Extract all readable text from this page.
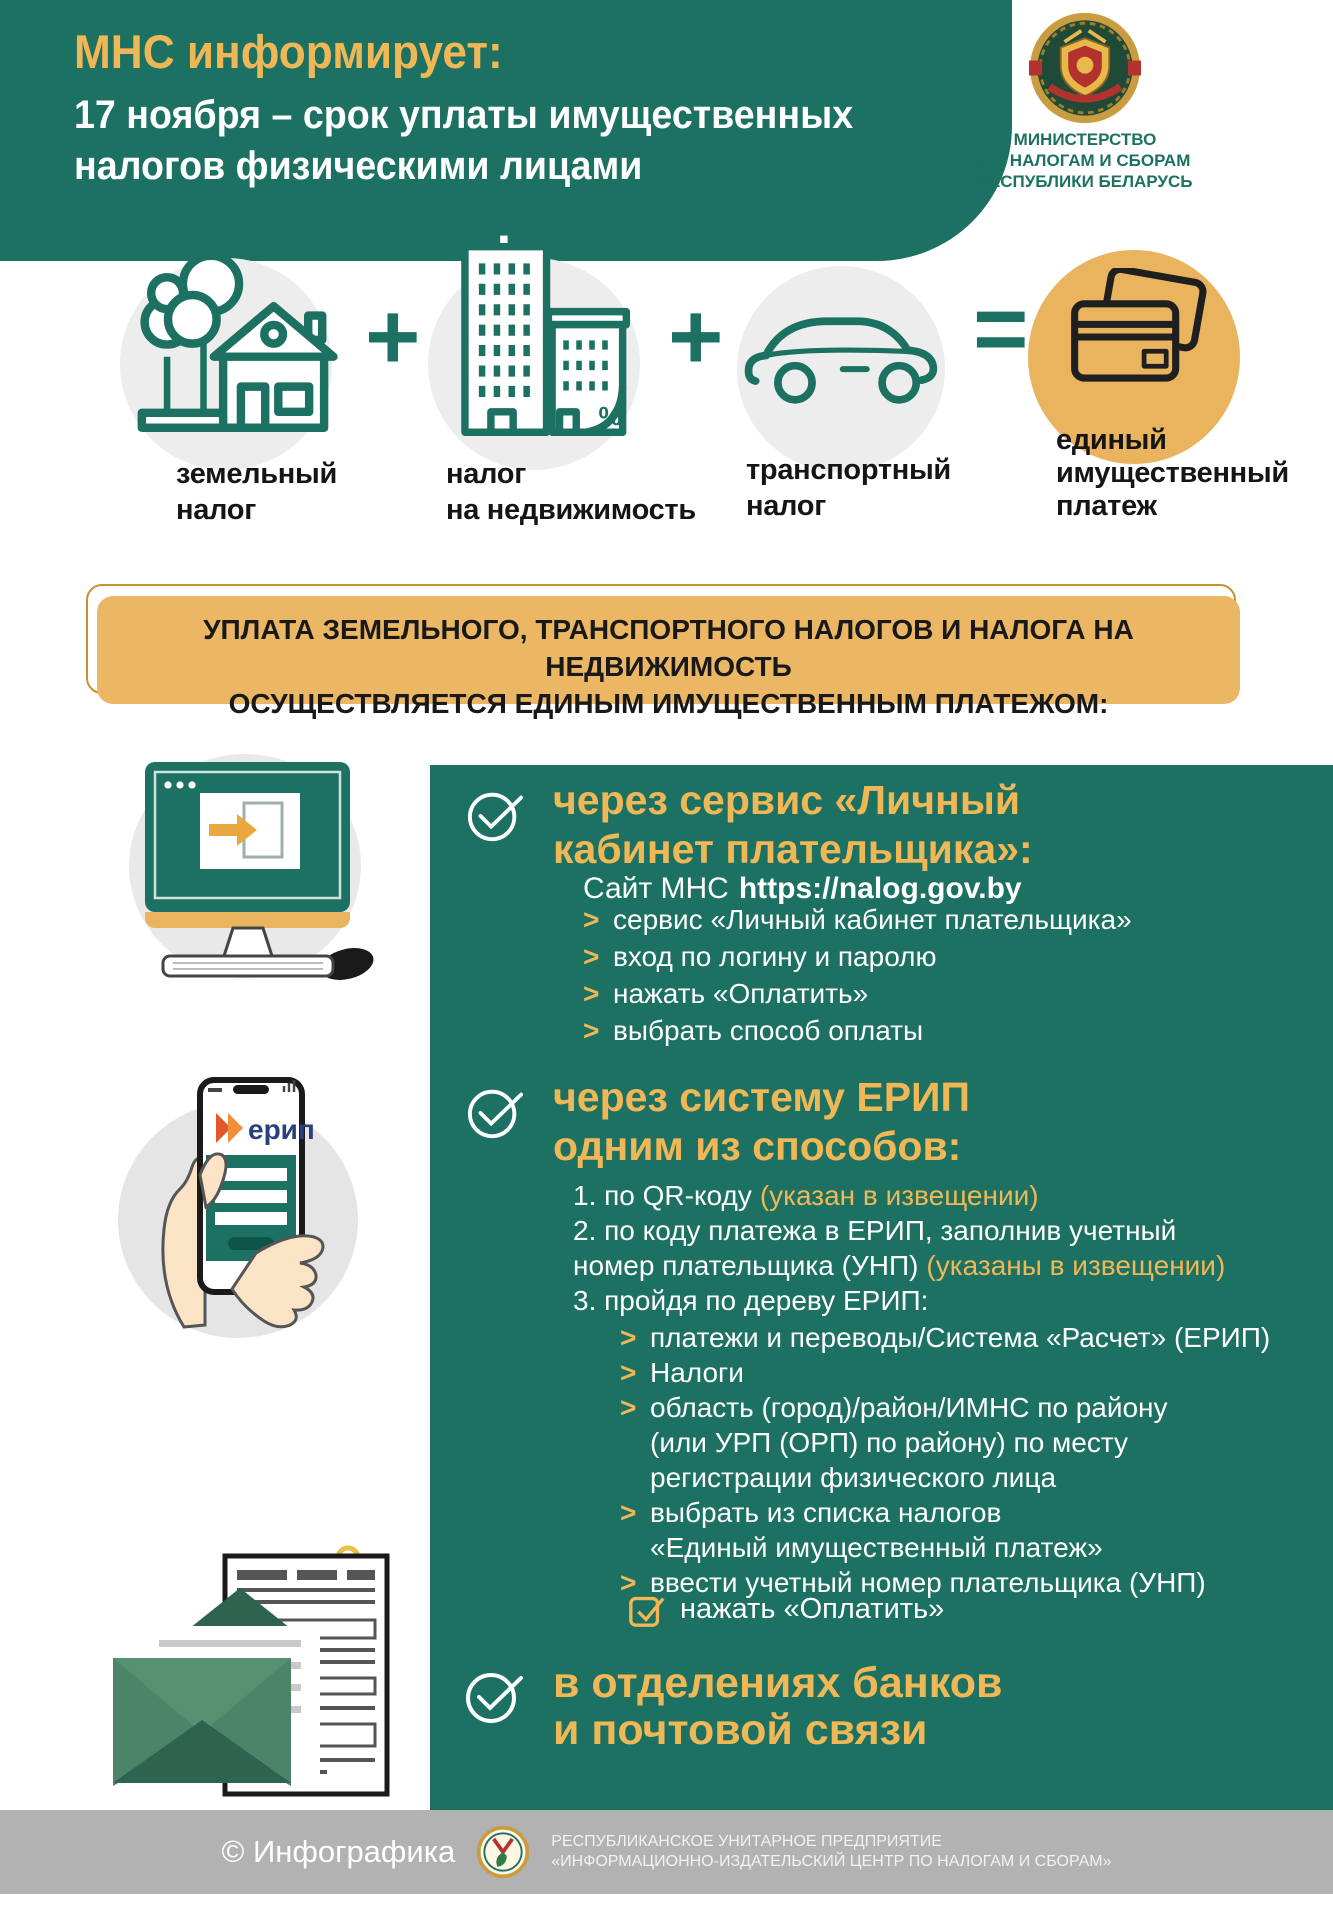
МНС информирует:
17 ноября – срок уплаты имущественных
налогов физическими лицами
МИНИСТЕРСТВО
ПО НАЛОГАМ И СБОРАМ
РЕСПУБЛИКИ БЕЛАРУСЬ
%
+	+	=
земельный
налог
налог
на недвижимость
транспортный
налог
единый
имущественный
платеж
УПЛАТА ЗЕМЕЛЬНОГО, ТРАНСПОРТНОГО НАЛОГОВ И НАЛОГА НА НЕДВИЖИМОСТЬ
ОСУЩЕСТВЛЯЕТСЯ ЕДИНЫМ ИМУЩЕСТВЕННЫМ ПЛАТЕЖОМ:
ерип
через сервис «Личный
кабинет плательщика»:
Сайт МНС https://nalog.gov.by
> сервис «Личный кабинет плательщика»
> вход по логину и паролю
> нажать «Оплатить»
> выбрать способ оплаты
через систему ЕРИП
одним из способов:
1. по QR-коду (указан в извещении)
2. по коду платежа в ЕРИП, заполнив учетный
номер плательщика (УНП) (указаны в извещении)
3. пройдя по дереву ЕРИП:
> платежи и переводы/Система «Расчет» (ЕРИП)
> Налоги
> область (город)/район/ИМНС по району
(или УРП (ОРП) по району) по месту
регистрации физического лица
> выбрать из списка налогов
«Единый имущественный платеж»
> ввести учетный номер плательщика (УНП)
нажать «Оплатить»
в отделениях банков
и почтовой связи
© Инфографика	РЕСПУБЛИКАНСКОЕ УНИТАРНОЕ ПРЕДПРИЯТИЕ
«ИНФОРМАЦИОННО-ИЗДАТЕЛЬСКИЙ ЦЕНТР ПО НАЛОГАМ И СБОРАМ»
